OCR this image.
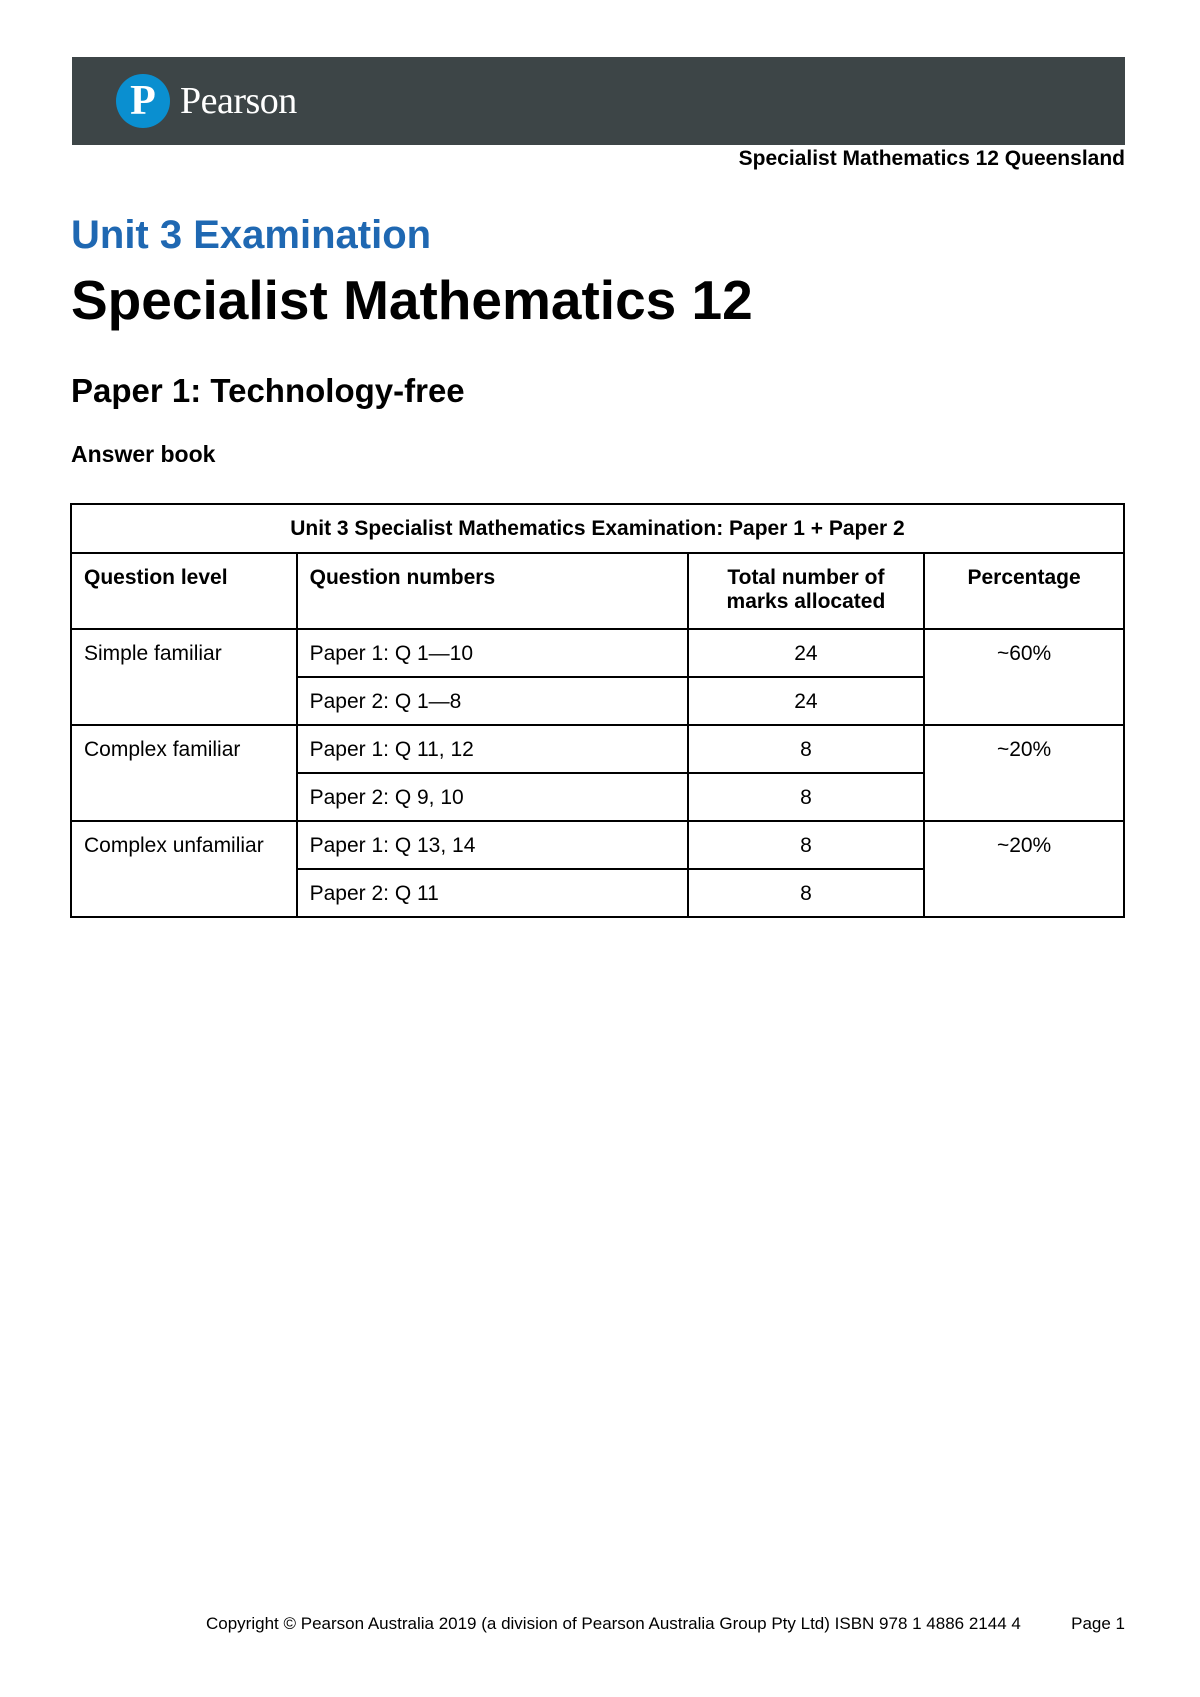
P Pearson
Specialist Mathematics 12 Queensland
Unit 3 Examination
Specialist Mathematics 12
Paper 1: Technology-free
Answer book
Unit 3 Specialist Mathematics Examination: Paper 1 + Paper 2			
Question level	Question numbers	Total number of marks allocated	Percentage
Simple familiar	Paper 1: Q 1—10	24	~60%
	Paper 2: Q 1—8	24	
Complex familiar	Paper 1: Q 11, 12	8	~20%
	Paper 2: Q 9, 10	8	
Complex unfamiliar	Paper 1: Q 13, 14	8	~20%
	Paper 2: Q 11	8	
Copyright © Pearson Australia 2019 (a division of Pearson Australia Group Pty Ltd) ISBN 978 1 4886 2144 4	Page 1
